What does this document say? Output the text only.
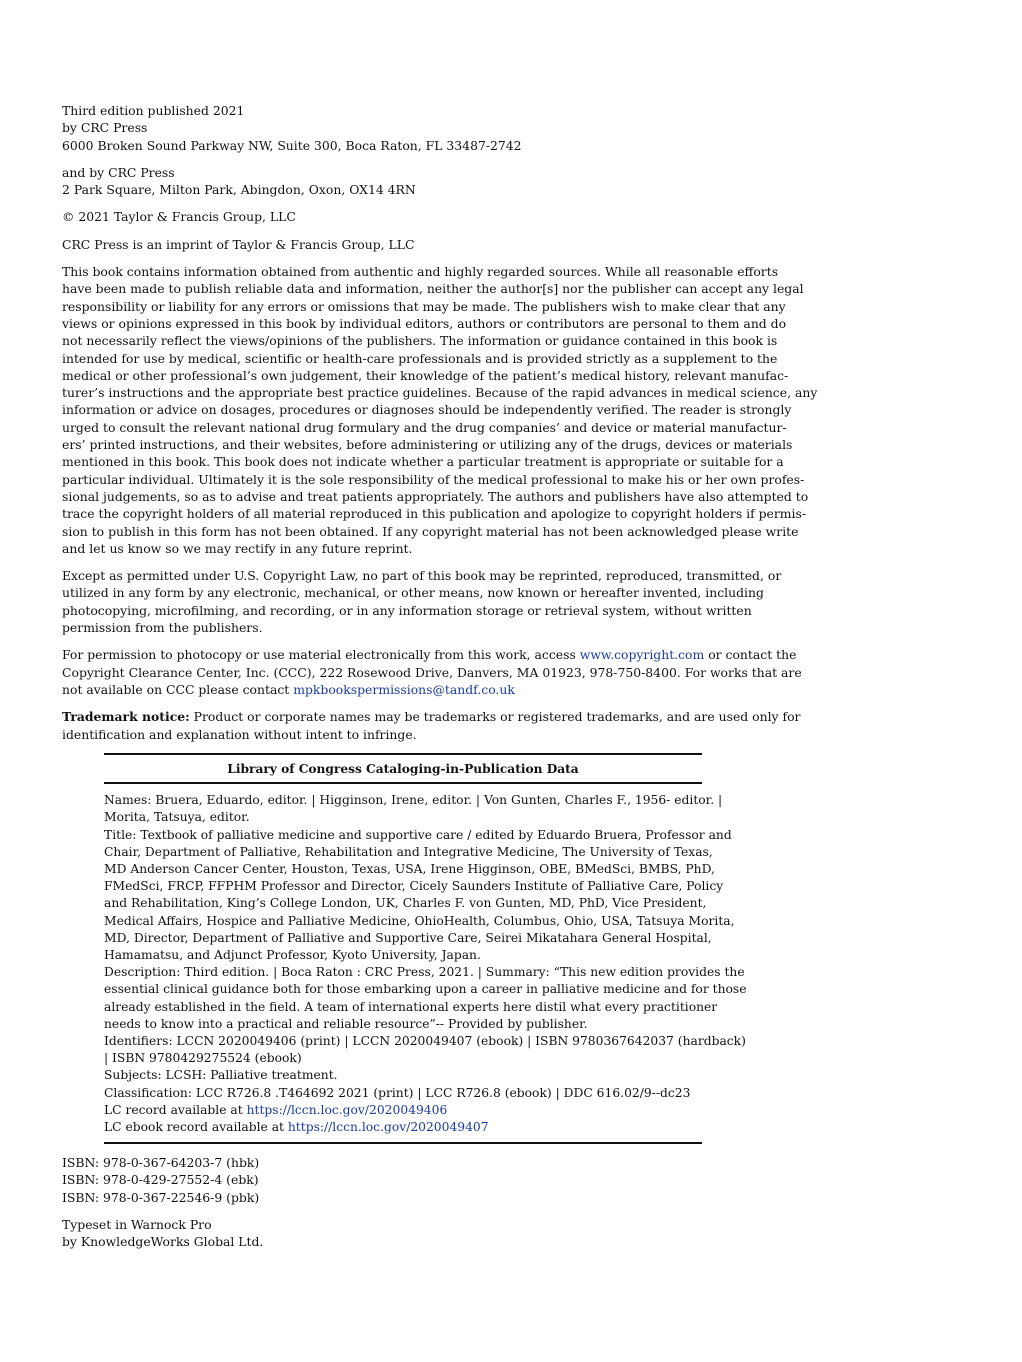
Third edition published 2021
by CRC Press
6000 Broken Sound Parkway NW, Suite 300, Boca Raton, FL 33487-2742
and by CRC Press
2 Park Square, Milton Park, Abingdon, Oxon, OX14 4RN
© 2021 Taylor & Francis Group, LLC
CRC Press is an imprint of Taylor & Francis Group, LLC
This book contains information obtained from authentic and highly regarded sources. While all reasonable efforts
have been made to publish reliable data and information, neither the author[s] nor the publisher can accept any legal
responsibility or liability for any errors or omissions that may be made. The publishers wish to make clear that any
views or opinions expressed in this book by individual editors, authors or contributors are personal to them and do
not necessarily reflect the views/opinions of the publishers. The information or guidance contained in this book is
intended for use by medical, scientific or health-care professionals and is provided strictly as a supplement to the
medical or other professional’s own judgement, their knowledge of the patient’s medical history, relevant manufac-
turer’s instructions and the appropriate best practice guidelines. Because of the rapid advances in medical science, any
information or advice on dosages, procedures or diagnoses should be independently verified. The reader is strongly
urged to consult the relevant national drug formulary and the drug companies’ and device or material manufactur-
ers’ printed instructions, and their websites, before administering or utilizing any of the drugs, devices or materials
mentioned in this book. This book does not indicate whether a particular treatment is appropriate or suitable for a
particular individual. Ultimately it is the sole responsibility of the medical professional to make his or her own profes-
sional judgements, so as to advise and treat patients appropriately. The authors and publishers have also attempted to
trace the copyright holders of all material reproduced in this publication and apologize to copyright holders if permis-
sion to publish in this form has not been obtained. If any copyright material has not been acknowledged please write
and let us know so we may rectify in any future reprint.
Except as permitted under U.S. Copyright Law, no part of this book may be reprinted, reproduced, transmitted, or
utilized in any form by any electronic, mechanical, or other means, now known or hereafter invented, including
photocopying, microfilming, and recording, or in any information storage or retrieval system, without written
permission from the publishers.
For permission to photocopy or use material electronically from this work, access www.copyright.com or contact the
Copyright Clearance Center, Inc. (CCC), 222 Rosewood Drive, Danvers, MA 01923, 978-750-8400. For works that are
not available on CCC please contact mpkbookspermissions@tandf.co.uk
Trademark notice: Product or corporate names may be trademarks or registered trademarks, and are used only for
identification and explanation without intent to infringe.
Library of Congress Cataloging-in-Publication Data
Names: Bruera, Eduardo, editor. | Higginson, Irene, editor. | Von Gunten, Charles F., 1956- editor. |
Morita, Tatsuya, editor.
Title: Textbook of palliative medicine and supportive care / edited by Eduardo Bruera, Professor and
Chair, Department of Palliative, Rehabilitation and Integrative Medicine, The University of Texas,
MD Anderson Cancer Center, Houston, Texas, USA, Irene Higginson, OBE, BMedSci, BMBS, PhD,
FMedSci, FRCP, FFPHM Professor and Director, Cicely Saunders Institute of Palliative Care, Policy
and Rehabilitation, King’s College London, UK, Charles F. von Gunten, MD, PhD, Vice President,
Medical Affairs, Hospice and Palliative Medicine, OhioHealth, Columbus, Ohio, USA, Tatsuya Morita,
MD, Director, Department of Palliative and Supportive Care, Seirei Mikatahara General Hospital,
Hamamatsu, and Adjunct Professor, Kyoto University, Japan.
Description: Third edition. | Boca Raton : CRC Press, 2021. | Summary: “This new edition provides the
essential clinical guidance both for those embarking upon a career in palliative medicine and for those
already established in the field. A team of international experts here distil what every practitioner
needs to know into a practical and reliable resource”-- Provided by publisher.
Identifiers: LCCN 2020049406 (print) | LCCN 2020049407 (ebook) | ISBN 9780367642037 (hardback)
| ISBN 9780429275524 (ebook)
Subjects: LCSH: Palliative treatment.
Classification: LCC R726.8 .T464692 2021 (print) | LCC R726.8 (ebook) | DDC 616.02/9--dc23
LC record available at https://lccn.loc.gov/2020049406
LC ebook record available at https://lccn.loc.gov/2020049407
ISBN: 978-0-367-64203-7 (hbk)
ISBN: 978-0-429-27552-4 (ebk)
ISBN: 978-0-367-22546-9 (pbk)
Typeset in Warnock Pro
by KnowledgeWorks Global Ltd.
